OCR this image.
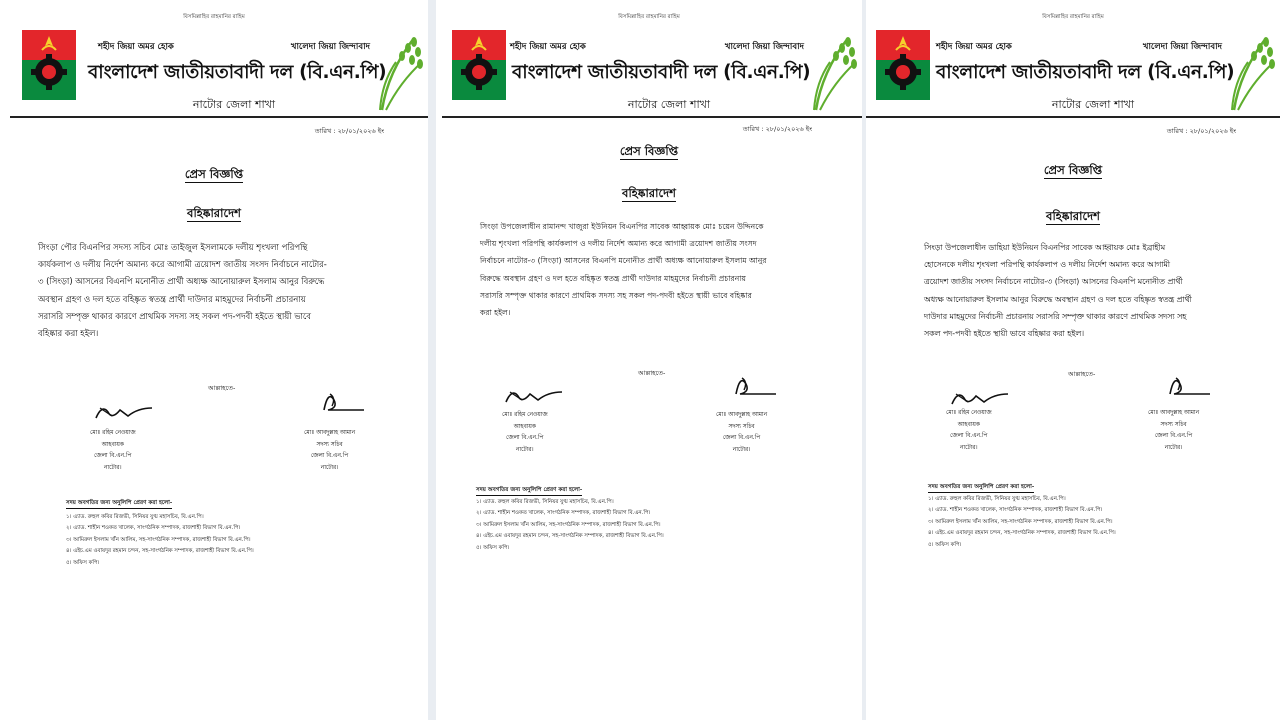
বিসমিল্লাহির রাহমানির রাহিম
শহীদ জিয়া অমর হোক	খালেদা জিয়া জিন্দাবাদ
বাংলাদেশ জাতীয়তাবাদী দল (বি.এন.পি)
নাটোর জেলা শাখা
তারিখ : ২৮/০১/২০২৬ ইং
প্রেস বিজ্ঞপ্তি
বহিষ্কারাদেশ
সিংড়া পৌর বিএনপির সদস্য সচিব মোঃ তাইজুল ইসলামকে দলীয় শৃংখলা পরিপন্থি
কার্যকলাপ ও দলীয় নির্দেশ অমান্য করে আগামী ত্রয়োদশ জাতীয় সংসদ নির্বাচনে নাটোর-
৩ (সিংড়া) আসনের বিএনপি মনোনীত প্রার্থী অধ্যক্ষ আনোয়ারুল ইসলাম আনুর বিরুদ্ধে
অবস্থান গ্রহণ ও দল হতে বহিষ্কৃত স্বতন্ত্র প্রার্থী দাউদার মাহমুদের নির্বাচনী প্রচারনায়
সরাসরি সম্পৃক্ত থাকার কারণে প্রাথমিক সদস্য সহ সকল পদ-পদবী হইতে স্থায়ী ভাবে
বহিষ্কার করা হইল।
আল্লাহতে-
মোঃ রহিম নেওয়াজ
আহবায়ক
জেলা বি.এন.পি
নাটোর।
মোঃ আবদুল্লাহ আমান
সদস্য সচিব
জেলা বি.এন.পি
নাটোর।
সদয় অবগতির জন্য অনুলিপি প্রেরণ করা হলো-
১। এ্যাড. রুহুল কবির রিজভী, সিনিয়র যুগ্ম মহাসচিব, বি.এন.পি।
২। এ্যাড. শাহীন শওকত খালেক, সাংগঠনিক সম্পাদক, রাজশাহী বিভাগ বি.এন.পি।
৩। আমিরুল ইসলাম খাঁন আলিম, সহ-সাংগঠনিক সম্পাদক, রাজশাহী বিভাগ বি.এন.পি।
৪। এইচ.এম ওবায়দুর রহমান চন্দন, সহ-সাংগঠনিক সম্পাদক, রাজশাহী বিভাগ বি.এন.পি।
৫। অফিস কপি।
বিসমিল্লাহির রাহমানির রাহিম
শহীদ জিয়া অমর হোক	খালেদা জিয়া জিন্দাবাদ
বাংলাদেশ জাতীয়তাবাদী দল (বি.এন.পি)
নাটোর জেলা শাখা
তারিখ : ২৮/০১/২০২৬ ইং
প্রেস বিজ্ঞপ্তি
বহিষ্কারাদেশ
সিংড়া উপজেলাধীন রামানন্দ খাজুরা ইউনিয়ন বিএনপির সাবেক আহ্বায়ক মোঃ চয়েন উদ্দিনকে
দলীয় শৃংখলা পরিপন্থি কার্যকলাপ ও দলীয় নির্দেশ অমান্য করে আগামী ত্রয়োদশ জাতীয় সংসদ
নির্বাচনে নাটোর-৩ (সিংড়া) আসনের বিএনপি মনোনীত প্রার্থী অধ্যক্ষ আনোয়ারুল ইসলাম আনুর
বিরুদ্ধে অবস্থান গ্রহণ ও দল হতে বহিষ্কৃত স্বতন্ত্র প্রার্থী দাউদার মাহমুদের নির্বাচনী প্রচারনায়
সরাসরি সম্পৃক্ত থাকার কারণে প্রাথমিক সদস্য সহ সকল পদ-পদবী হইতে স্থায়ী ভাবে বহিষ্কার
করা হইল।
আল্লাহতে-
মোঃ রহিম নেওয়াজ
আহবায়ক
জেলা বি.এন.পি
নাটোর।
মোঃ আবদুল্লাহ আমান
সদস্য সচিব
জেলা বি.এন.পি
নাটোর।
সদয় অবগতির জন্য অনুলিপি প্রেরণ করা হলো-
১। এ্যাড. রুহুল কবির রিজভী, সিনিয়র যুগ্ম মহাসচিব, বি.এন.পি।
২। এ্যাড. শাহীন শওকত খালেক, সাংগঠনিক সম্পাদক, রাজশাহী বিভাগ বি.এন.পি।
৩। আমিরুল ইসলাম খাঁন আলিম, সহ-সাংগঠনিক সম্পাদক, রাজশাহী বিভাগ বি.এন.পি।
৪। এইচ.এম ওবায়দুর রহমান চন্দন, সহ-সাংগঠনিক সম্পাদক, রাজশাহী বিভাগ বি.এন.পি।
৫। অফিস কপি।
বিসমিল্লাহির রাহমানির রাহিম
শহীদ জিয়া অমর হোক	খালেদা জিয়া জিন্দাবাদ
বাংলাদেশ জাতীয়তাবাদী দল (বি.এন.পি)
নাটোর জেলা শাখা
তারিখ : ২৮/০১/২০২৬ ইং
প্রেস বিজ্ঞপ্তি
বহিষ্কারাদেশ
সিংড়া উপজেলাধীন ডাহিয়া ইউনিয়ন বিএনপির সাবেক আহ্বায়ক মোঃ ইব্রাহীম
হোসেনকে দলীয় শৃংখলা পরিপন্থি কার্যকলাপ ও দলীয় নির্দেশ অমান্য করে আগামী
ত্রয়োদশ জাতীয় সংসদ নির্বাচনে নাটোর-৩ (সিংড়া) আসনের বিএনপি মনোনীত প্রার্থী
অধ্যক্ষ আনোয়ারুল ইসলাম আনুর বিরুদ্ধে অবস্থান গ্রহণ ও দল হতে বহিষ্কৃত স্বতন্ত্র প্রার্থী
দাউদার মাহমুদের নির্বাচনী প্রচারনায় সরাসরি সম্পৃক্ত থাকার কারণে প্রাথমিক সদস্য সহ
সকল পদ-পদবী হইতে স্থায়ী ভাবে বহিষ্কার করা হইল।
আল্লাহতে-
মোঃ রহিম নেওয়াজ
আহবায়ক
জেলা বি.এন.পি
নাটোর।
মোঃ আবদুল্লাহ আমান
সদস্য সচিব
জেলা বি.এন.পি
নাটোর।
সদয় অবগতির জন্য অনুলিপি প্রেরণ করা হলো-
১। এ্যাড. রুহুল কবির রিজভী, সিনিয়র যুগ্ম মহাসচিব, বি.এন.পি।
২। এ্যাড. শাহীন শওকত খালেক, সাংগঠনিক সম্পাদক, রাজশাহী বিভাগ বি.এন.পি।
৩। আমিরুল ইসলাম খাঁন আলিম, সহ-সাংগঠনিক সম্পাদক, রাজশাহী বিভাগ বি.এন.পি।
৪। এইচ.এম ওবায়দুর রহমান চন্দন, সহ-সাংগঠনিক সম্পাদক, রাজশাহী বিভাগ বি.এন.পি।
৫। অফিস কপি।
